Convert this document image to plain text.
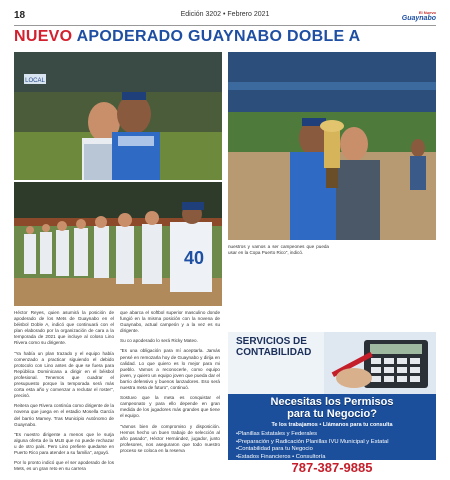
18	Edición 3202 • Febrero 2021	El Nuevo
Guaynabo
NUEVO APODERADO GUAYNABO DOBLE A
LOCAL
40

Héctor Reyes, quien asumirá la posición de apoderado de los Mets de Guaynabo en el béisbol Doble A, indicó que continuará con el plan elaborado por la organización de cara a la temporada de 2021 que incluye al coloso Lino Rivera como su dirigente.

"Ya había un plan trazado y el equipo había comenzado a practicar siguiendo el debido protocolo con Lino antes de que se fuera para República Dominicana a dirigir en el béisbol profesional. Tenemos que cuadrar el presupuesto porque la temporada será más corta esta año y comenzar a reclutar el roster", precisó.

Reitera que Rivera continúa como dirigente de la novena que juega en el estadio Mosella García del barrio Mamey. Tras Municipio Autónomo de Guaynabo.

"Es nuestro dirigente a menos que le surja alguna oferta de la MLB que no puede rechazar u de otro país. Pero Lino prefiere quedarse en Puerto Rico para atender a su familia", arguyó.

Por lo pronto indicó que el ser apoderado de los Mets, es un gran reto en su carrera

que abarca el softbol superior masculino donde fungió en la misma posición con la novena de Guaynabo, actual campeón y a la vez es su dirigente.

Su co apoderado lo será Ricky Mateo.

"Es una obligación para mí aceptarla. Jamás pensé en remozarla hoy de Guaynabo y dirija en calidad. Lo que quiero es lo mejor para mi pueblo. Vamos a reconocerle, como equipo joven, y quiero un equipo joven que pueda dar el barrio defensivo y buenos lanzadores. Eso será nuestra meta de futuro", continuó.

Sostuvo que la meta es conquistar el campeonato y para ello depende en gran medida de los jugadores más grandes que tiene el equipo.

"Vamos bien de compromiso y disposición. Hemos hecho un buen trabajo de selección al año pasado", Héctor Hernández, jugador, junto profesores, nos aseguraron que todo nuestro proceso se coloca en la reserva

nuestros y vamos a ser campeones que pueda usar en la Copa Puerto Rico", indicó.

SERVICIOS DE
CONTABILIDAD
Necesitas los Permisos
para tu Negocio?
Te los trabajamos • Llámanos para tu consulta
• Planillas Estatales y Federales
• Preparación y Radicación Planillas IVU Municipal y Estatal
• Contabilidad para tu Negocio
• Estados Financieros • Consultoría
787-387-9885
